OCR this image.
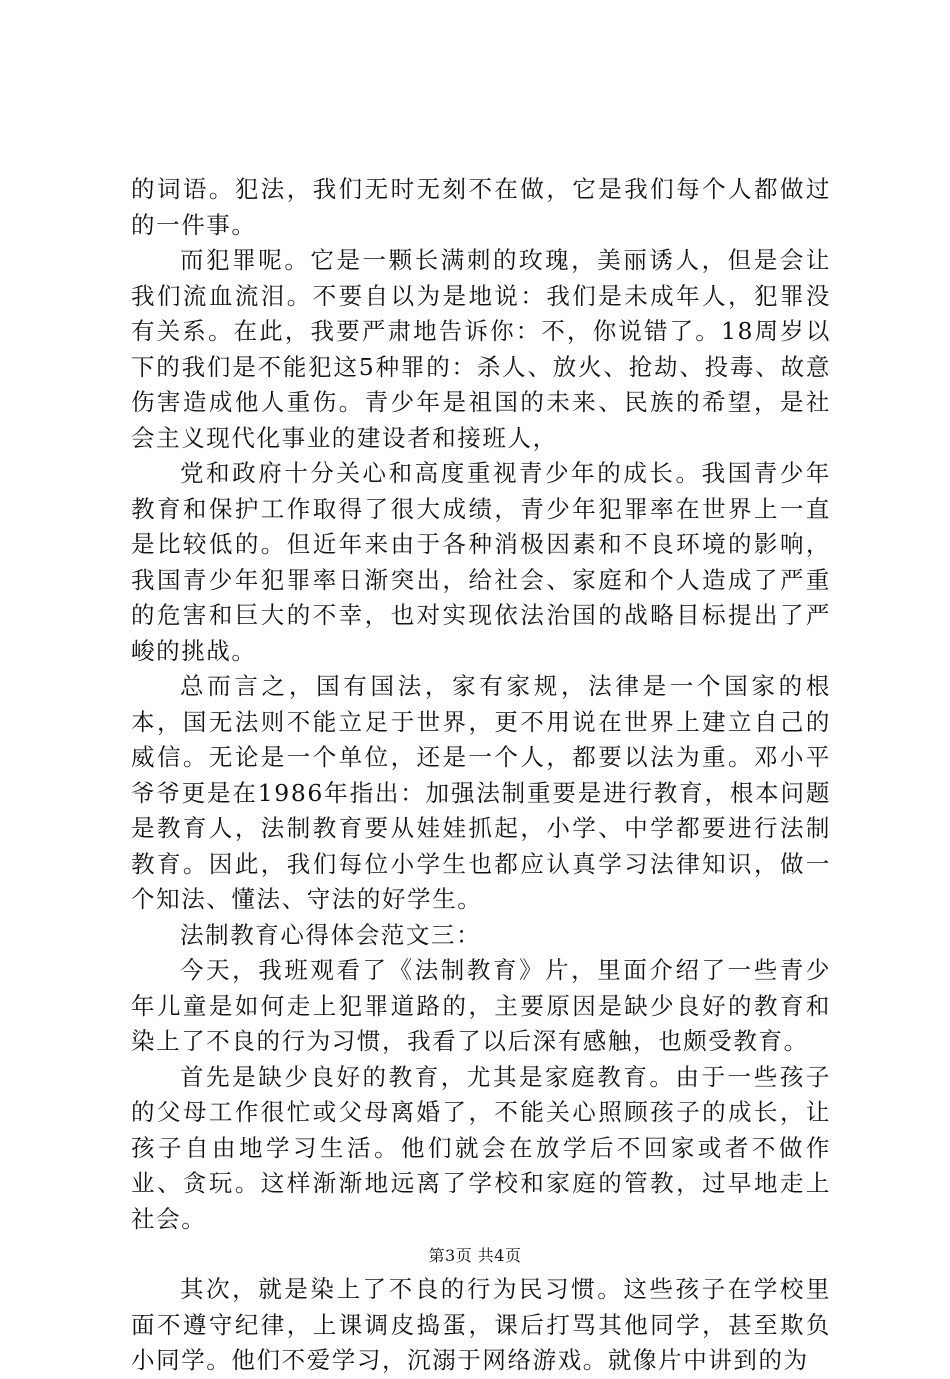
的词语。犯法，我们无时无刻不在做，它是我们每个人都做过的一件事。

而犯罪呢。它是一颗长满刺的玫瑰，美丽诱人，但是会让我们流血流泪。不要自以为是地说：我们是未成年人，犯罪没有关系。在此，我要严肃地告诉你：不，你说错了。18周岁以下的我们是不能犯这5种罪的：杀人、放火、抢劫、投毒、故意伤害造成他人重伤。青少年是祖国的未来、民族的希望，是社会主义现代化事业的建设者和接班人，

党和政府十分关心和高度重视青少年的成长。我国青少年教育和保护工作取得了很大成绩，青少年犯罪率在世界上一直是比较低的。但近年来由于各种消极因素和不良环境的影响，我国青少年犯罪率日渐突出，给社会、家庭和个人造成了严重的危害和巨大的不幸，也对实现依法治国的战略目标提出了严峻的挑战。

总而言之，国有国法，家有家规，法律是一个国家的根本，国无法则不能立足于世界，更不用说在世界上建立自己的威信。无论是一个单位，还是一个人，都要以法为重。邓小平爷爷更是在1986年指出：加强法制重要是进行教育，根本问题是教育人，法制教育要从娃娃抓起，小学、中学都要进行法制教育。因此，我们每位小学生也都应认真学习法律知识，做一个知法、懂法、守法的好学生。

法制教育心得体会范文三：

今天，我班观看了《法制教育》片，里面介绍了一些青少年儿童是如何走上犯罪道路的，主要原因是缺少良好的教育和染上了不良的行为习惯，我看了以后深有感触，也颇受教育。

首先是缺少良好的教育，尤其是家庭教育。由于一些孩子的父母工作很忙或父母离婚了，不能关心照顾孩子的成长，让孩子自由地学习生活。他们就会在放学后不回家或者不做作业、贪玩。这样渐渐地远离了学校和家庭的管教，过早地走上社会。

其次，就是染上了不良的行为民习惯。这些孩子在学校里面不遵守纪律，上课调皮捣蛋，课后打骂其他同学，甚至欺负小同学。他们不爱学习，沉溺于网络游戏。就像片中讲到的为

第3页 共4页
